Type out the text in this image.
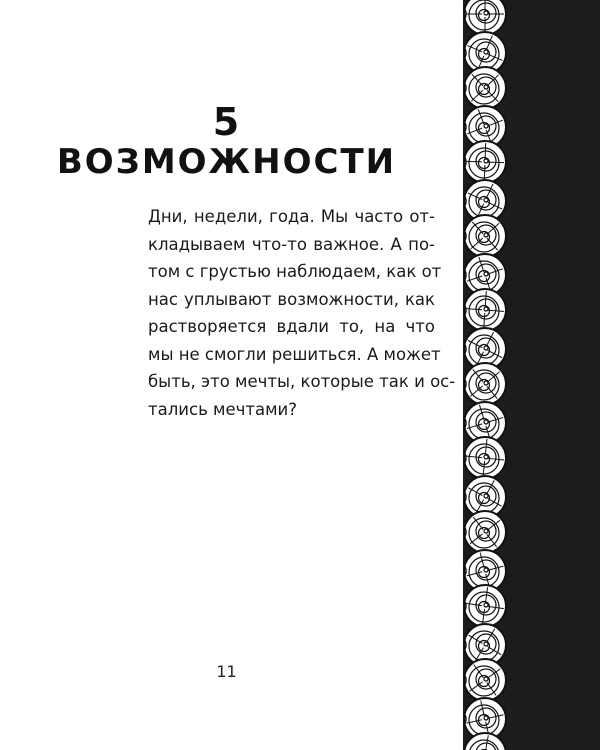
5
ВОЗМОЖНОСТИ
Дни, недели, года. Мы часто от-
кладываем что-то важное. А по-
том с грустью наблюдаем, как от
нас уплывают возможности, как
растворяется вдали то, на что
мы не смогли решиться. А может
быть, это мечты, которые так и ос-
тались мечтами?
11
